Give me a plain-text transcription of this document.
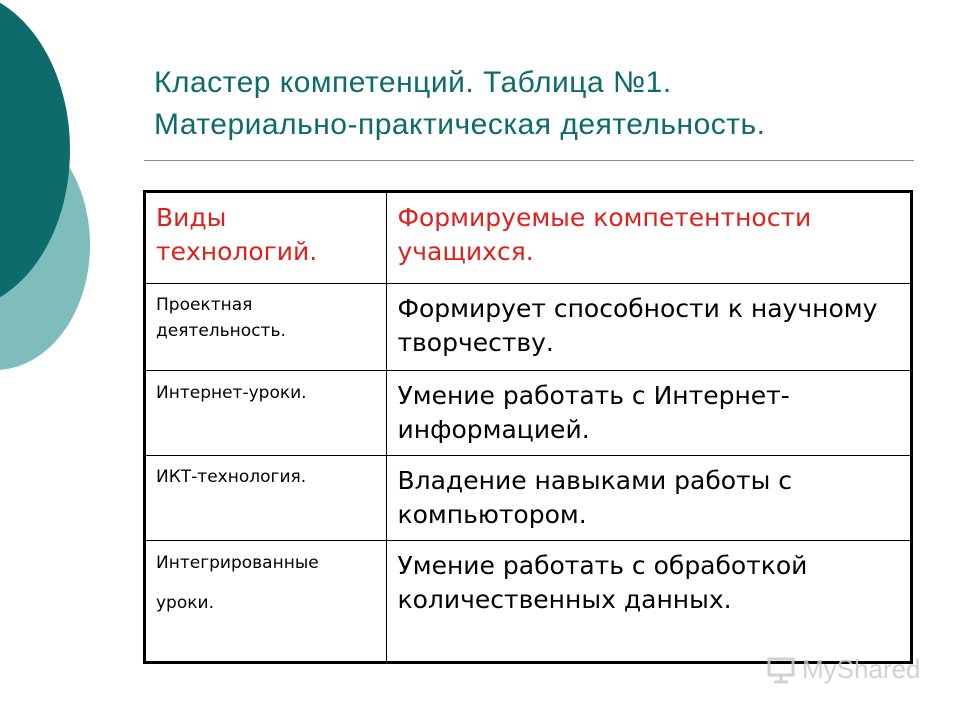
Кластер компетенций. Таблица №1.
Материально-практическая деятельность.
Виды технологий.	Формируемые компетентности учащихся.
Проектная деятельность.	Формирует способности к научному творчеству.
Интернет-уроки.	Умение работать с Интернет-информацией.
ИКТ-технология.	Владение навыками работы с компьютором.
Интегрированные уроки.	Умение работать с обработкой количественных данных.
MyShared
